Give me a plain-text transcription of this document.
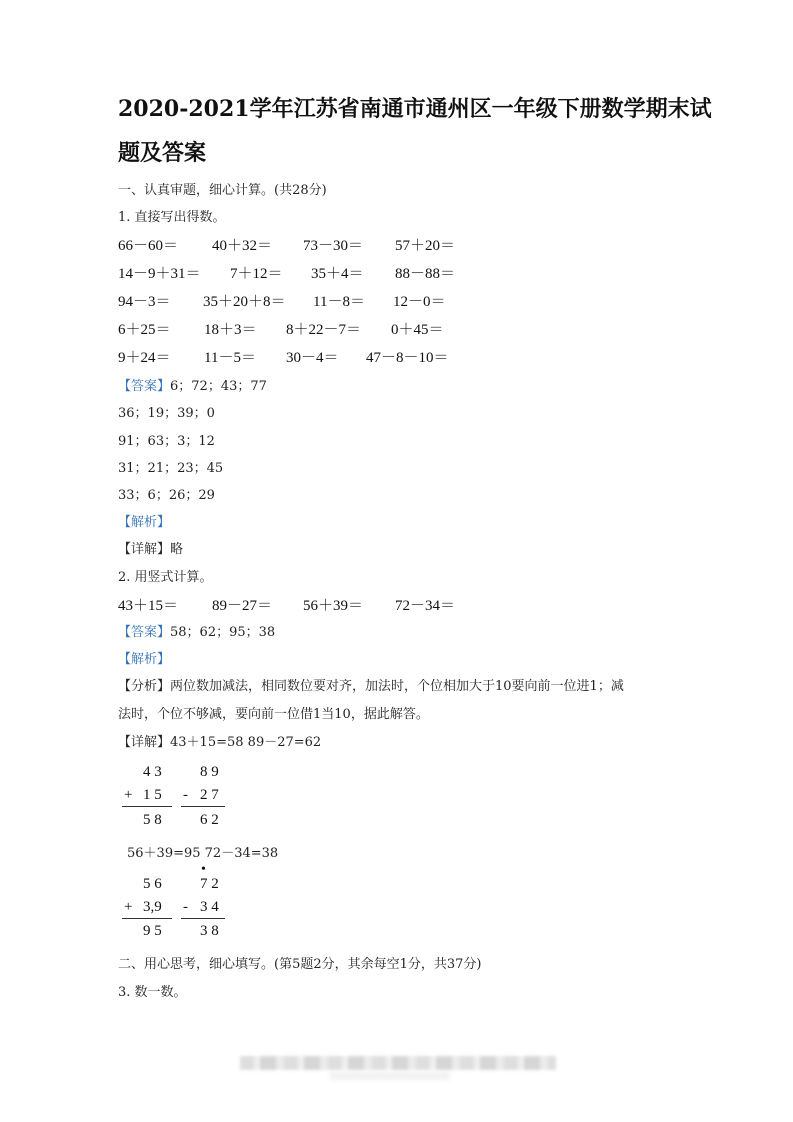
2020-2021学年江苏省南通市通州区一年级下册数学期末试
题及答案
一、认真审题，细心计算。(共28分)
1. 直接写出得数。
66－60＝ 40＋32＝ 73－30＝ 57＋20＝
14－9＋31＝ 7＋12＝ 35＋4＝ 88－88＝
94－3＝ 35＋20＋8＝ 11－8＝ 12－0＝
6＋25＝ 18＋3＝ 8＋22－7＝ 0＋45＝
9＋24＝ 11－5＝ 30－4＝ 47－8－10＝
【答案】6；72；43；77
36；19；39；0
91；63；3；12
31；21；23；45
33；6；26；29
【解析】
【详解】略
2. 用竖式计算。
43＋15＝ 89－27＝ 56＋39＝ 72－34＝
【答案】58；62；95；38
【解析】
【分析】两位数加减法，相同数位要对齐，加法时，个位相加大于10要向前一位进1；减
法时，个位不够减，要向前一位借1当10，据此解答。
【详解】43＋15=58 89－27=62
4 3
+ 1 5
5 8
8 9
- 2 7
6 2
56＋39=95 72－34=38
5 6
+ 3,9
9 5
•
7 2
- 3 4
3 8
二、用心思考，细心填写。(第5题2分，其余每空1分，共37分)
3. 数一数。
